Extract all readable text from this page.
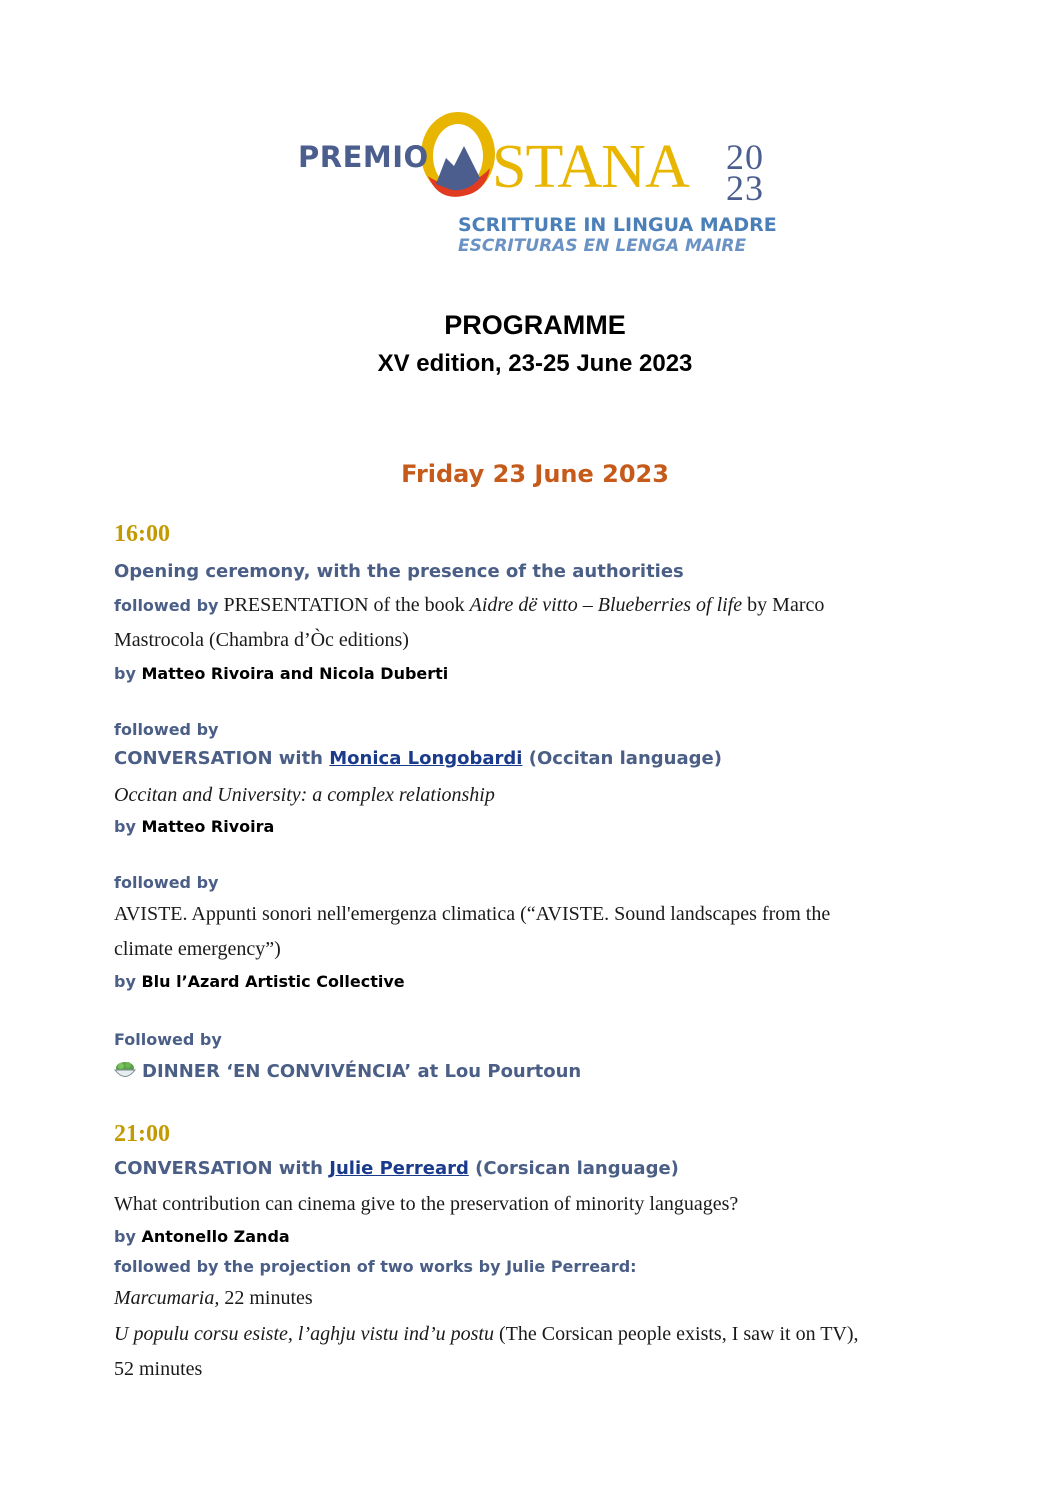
PREMIO STANA 20
23
SCRITTURE IN LINGUA MADRE
ESCRITURAS EN LENGA MAIRE
PROGRAMME
XV edition, 23-25 June 2023
Friday 23 June 2023
16:00
Opening ceremony, with the presence of the authorities
followed by PRESENTATION of the book Aidre dë vitto – Blueberries of life by Marco
Mastrocola (Chambra d’Òc editions)
by Matteo Rivoira and Nicola Duberti
followed by
CONVERSATION with Monica Longobardi (Occitan language)
Occitan and University: a complex relationship
by Matteo Rivoira
followed by
AVISTE. Appunti sonori nell'emergenza climatica (“AVISTE. Sound landscapes from the
climate emergency”)
by Blu l’Azard Artistic Collective
Followed by
DINNER ‘EN CONVIVÉNCIA’ at Lou Pourtoun
21:00
CONVERSATION with Julie Perreard (Corsican language)
What contribution can cinema give to the preservation of minority languages?
by Antonello Zanda
followed by the projection of two works by Julie Perreard:
Marcumaria, 22 minutes
U populu corsu esiste, l’aghju vistu ind’u postu (The Corsican people exists, I saw it on TV),
52 minutes
